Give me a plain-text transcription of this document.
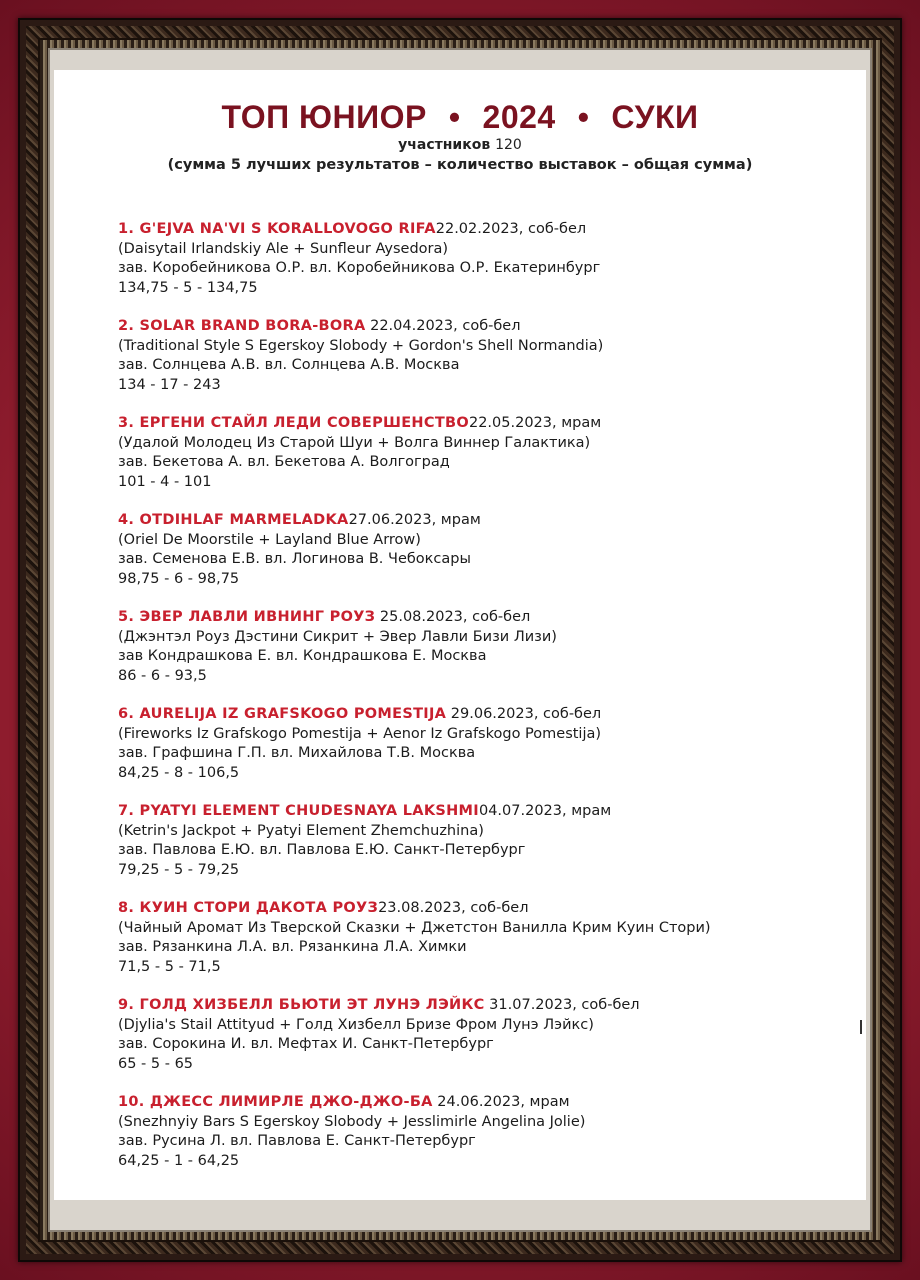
ТОП ЮНИОР • 2024 • СУКИ
участников 120
(сумма 5 лучших результатов – количество выставок – общая сумма)
1. G'EJVA NA'VI S KORALLOVOGO RIFA22.02.2023, соб-бел
(Daisytail Irlandskiy Ale + Sunfleur Aysedora)
зав. Коробейникова О.Р. вл. Коробейникова О.Р. Екатеринбург
134,75 - 5 - 134,75
2. SOLAR BRAND BORA-BORA 22.04.2023, соб-бел
(Traditional Style S Egerskoy Slobody + Gordon's Shell Normandia)
зав. Солнцева А.В. вл. Солнцева А.В. Москва
134 - 17 - 243
3. ЕРГЕНИ СТАЙЛ ЛЕДИ СОВЕРШЕНСТВО22.05.2023, мрам
(Удалой Молодец Из Старой Шуи + Волга Виннер Галактика)
зав. Бекетова А. вл. Бекетова А. Волгоград
101 - 4 - 101
4. OTDIHLAF MARMELADKA27.06.2023, мрам
(Oriel De Moorstile + Layland Blue Arrow)
зав. Семенова Е.В. вл. Логинова В. Чебоксары
98,75 - 6 - 98,75
5. ЭВЕР ЛАВЛИ ИВНИНГ РОУЗ 25.08.2023, соб-бел
(Джэнтэл Роуз Дэстини Сикрит + Эвер Лавли Бизи Лизи)
зав Кондрашкова Е. вл. Кондрашкова Е. Москва
86 - 6 - 93,5
6. AURELIJA IZ GRAFSKOGO POMESTIJA 29.06.2023, соб-бел
(Fireworks Iz Grafskogo Pomestija + Aenor Iz Grafskogo Pomestija)
зав. Графшина Г.П. вл. Михайлова Т.В. Москва
84,25 - 8 - 106,5
7. PYATYI ELEMENT CHUDESNAYA LAKSHMI04.07.2023, мрам
(Ketrin's Jackpot + Pyatyi Element Zhemchuzhina)
зав. Павлова Е.Ю. вл. Павлова Е.Ю. Санкт-Петербург
79,25 - 5 - 79,25
8. КУИН СТОРИ ДАКОТА РОУЗ23.08.2023, соб-бел
(Чайный Аромат Из Тверской Сказки + Джетстон Ванилла Крим Куин Стори)
зав. Рязанкина Л.А. вл. Рязанкина Л.А. Химки
71,5 - 5 - 71,5
9. ГОЛД ХИЗБЕЛЛ БЬЮТИ ЭТ ЛУНЭ ЛЭЙКС 31.07.2023, соб-бел
(Djylia's Stail Attityud + Голд Хизбелл Бризе Фром Лунэ Лэйкс)
зав. Сорокина И. вл. Мефтах И. Санкт-Петербург
65 - 5 - 65
10. ДЖЕСС ЛИМИРЛЕ ДЖО-ДЖО-БА 24.06.2023, мрам
(Snezhnyiy Bars S Egerskoy Slobody + Jesslimirle Angelina Jolie)
зав. Русина Л. вл. Павлова Е. Санкт-Петербург
64,25 - 1 - 64,25
